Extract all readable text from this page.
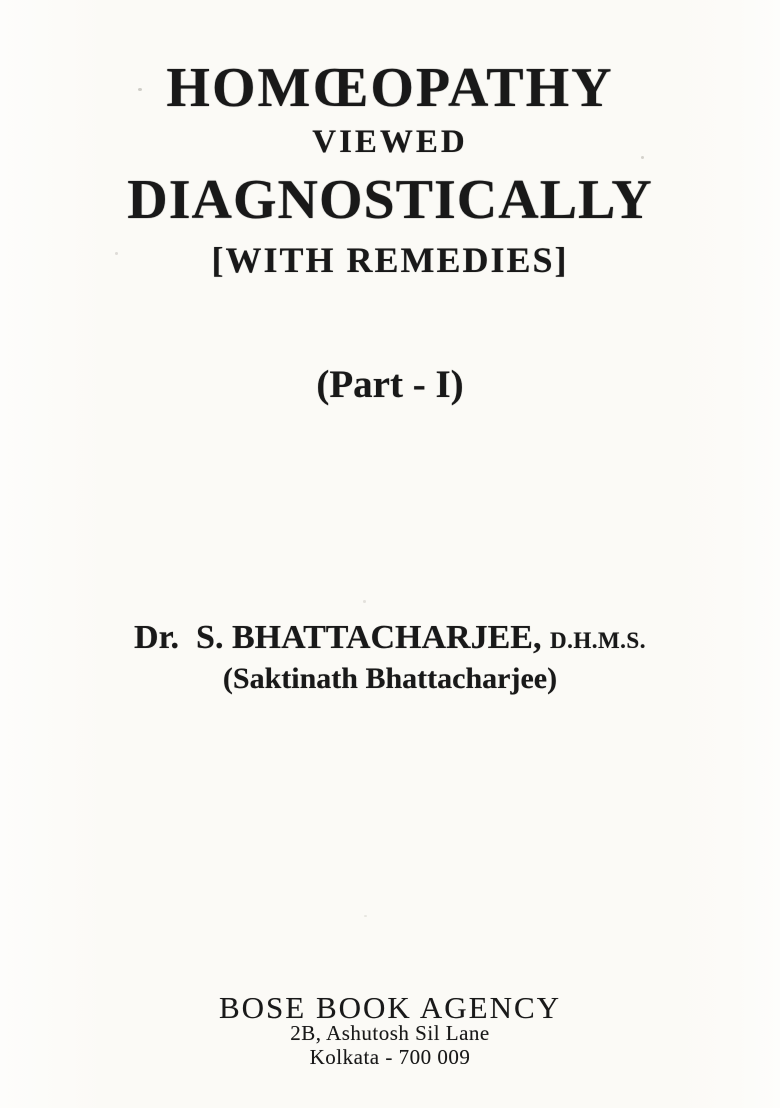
HOMŒOPATHY
VIEWED
DIAGNOSTICALLY
[WITH REMEDIES]
(Part - I)
Dr.  S. BHATTACHARJEE, D.H.M.S.
(Saktinath Bhattacharjee)
BOSE BOOK AGENCY
2B, Ashutosh Sil Lane
Kolkata - 700 009
